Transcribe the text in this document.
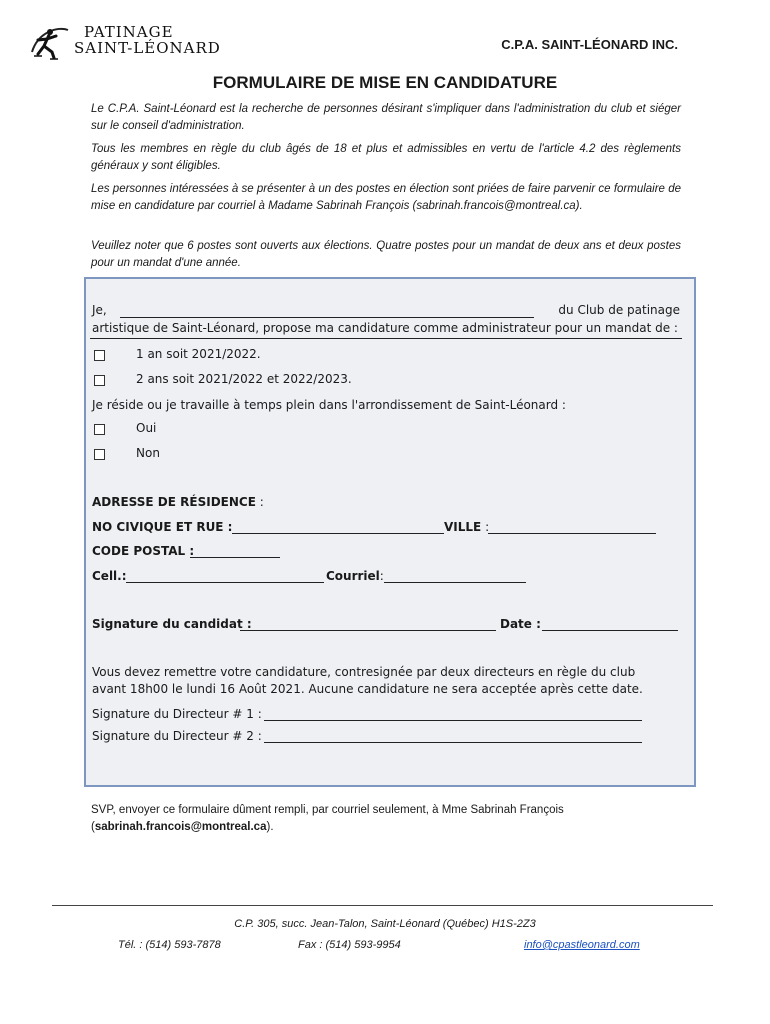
PATINAGE
SAINT-LÉONARD	C.P.A. SAINT-LÉONARD INC.
FORMULAIRE DE MISE EN CANDIDATURE

Le C.P.A. Saint-Léonard est la recherche de personnes désirant s'impliquer dans l'administration du club et siéger sur le conseil d'administration.

Tous les membres en règle du club âgés de 18 et plus et admissibles en vertu de l'article 4.2 des règlements généraux y sont éligibles.

Les personnes intéressées à se présenter à un des postes en élection sont priées de faire parvenir ce formulaire de mise en candidature par courriel à Madame Sabrinah François (sabrinah.francois@montreal.ca).

Veuillez noter que 6 postes sont ouverts aux élections. Quatre postes pour un mandat de deux ans et deux postes pour un mandat d'une année.

Je,	du Club de patinage
artistique de Saint-Léonard, propose ma candidature comme administrateur pour un mandat de :
1 an soit 2021/2022.
2 ans soit 2021/2022 et 2022/2023.
Je réside ou je travaille à temps plein dans l'arrondissement de Saint-Léonard :
Oui
Non
ADRESSE DE RÉSIDENCE :
NO CIVIQUE ET RUE :	VILLE :
CODE POSTAL :
Cell.:	Courriel:
Signature du candidat :	Date :
Vous devez remettre votre candidature, contresignée par deux directeurs en règle du club
avant 18h00 le lundi 16 Août 2021. Aucune candidature ne sera acceptée après cette date.
Signature du Directeur # 1 :
Signature du Directeur # 2 :
SVP, envoyer ce formulaire dûment rempli, par courriel seulement, à Mme Sabrinah François (sabrinah.francois@montreal.ca).
C.P. 305, succ. Jean-Talon, Saint-Léonard (Québec) H1S-2Z3
Tél. : (514) 593-7878	Fax : (514) 593-9954	info@cpastleonard.com
